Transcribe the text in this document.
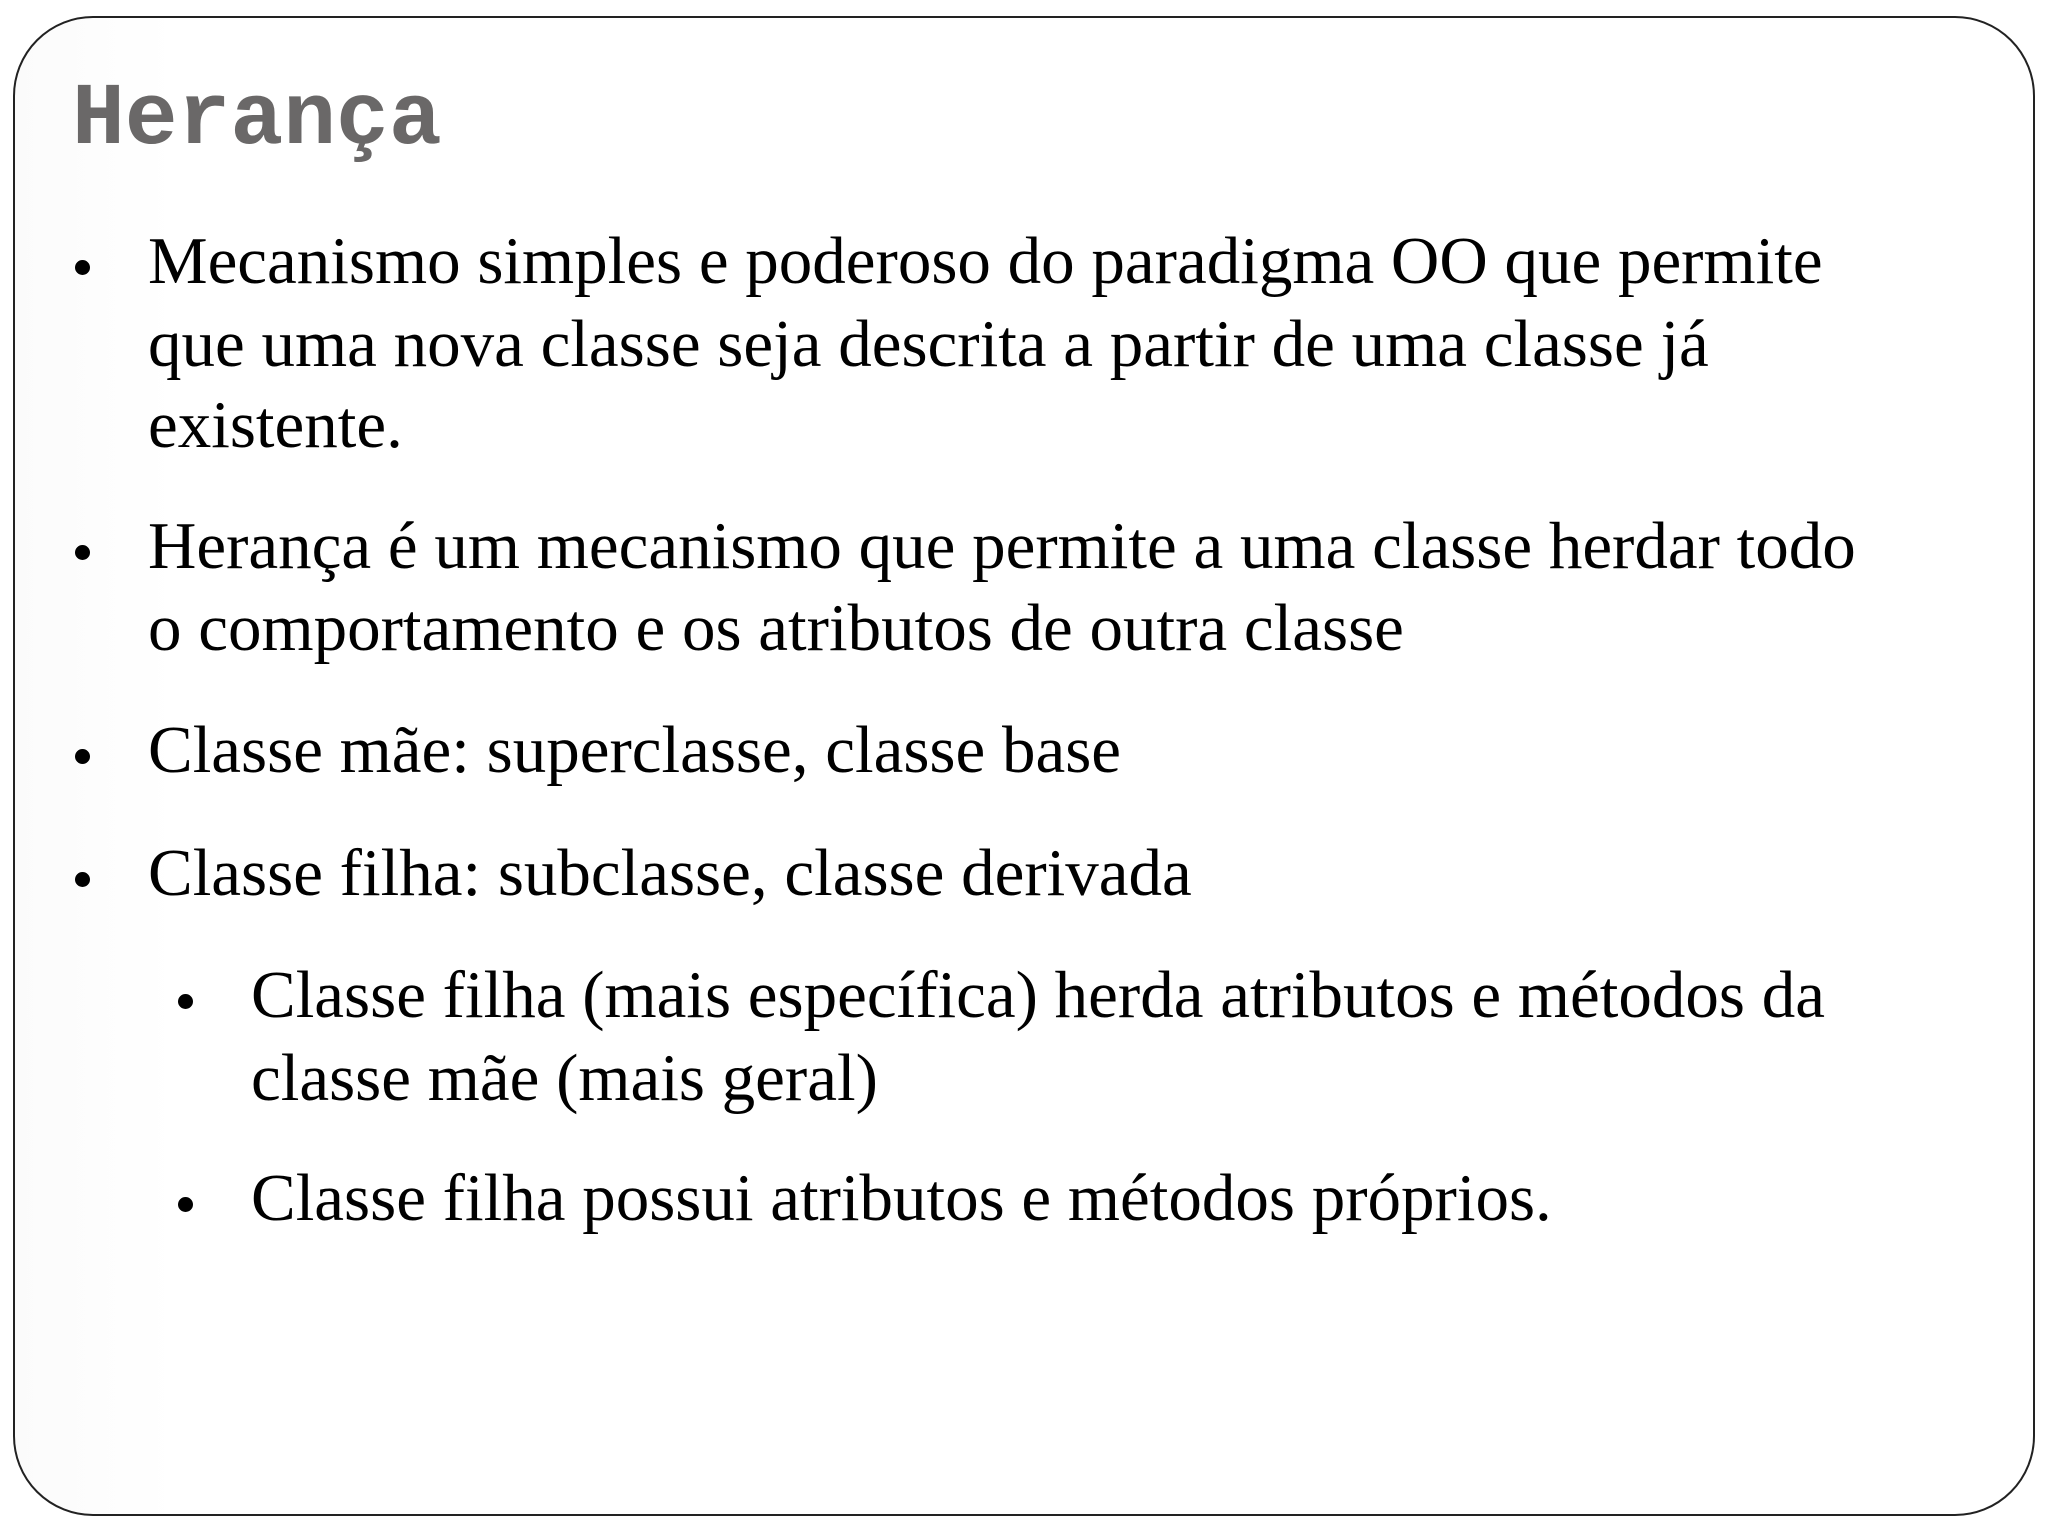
Herança
Mecanismo simples e poderoso do paradigma OO que permite
que uma nova classe seja descrita a partir de uma classe já
existente.
Herança é um mecanismo que permite a uma classe herdar todo
o comportamento e os atributos de outra classe
Classe mãe: superclasse, classe base
Classe filha: subclasse, classe derivada
Classe filha (mais específica) herda atributos e métodos da
classe mãe (mais geral)
Classe filha possui atributos e métodos próprios.
